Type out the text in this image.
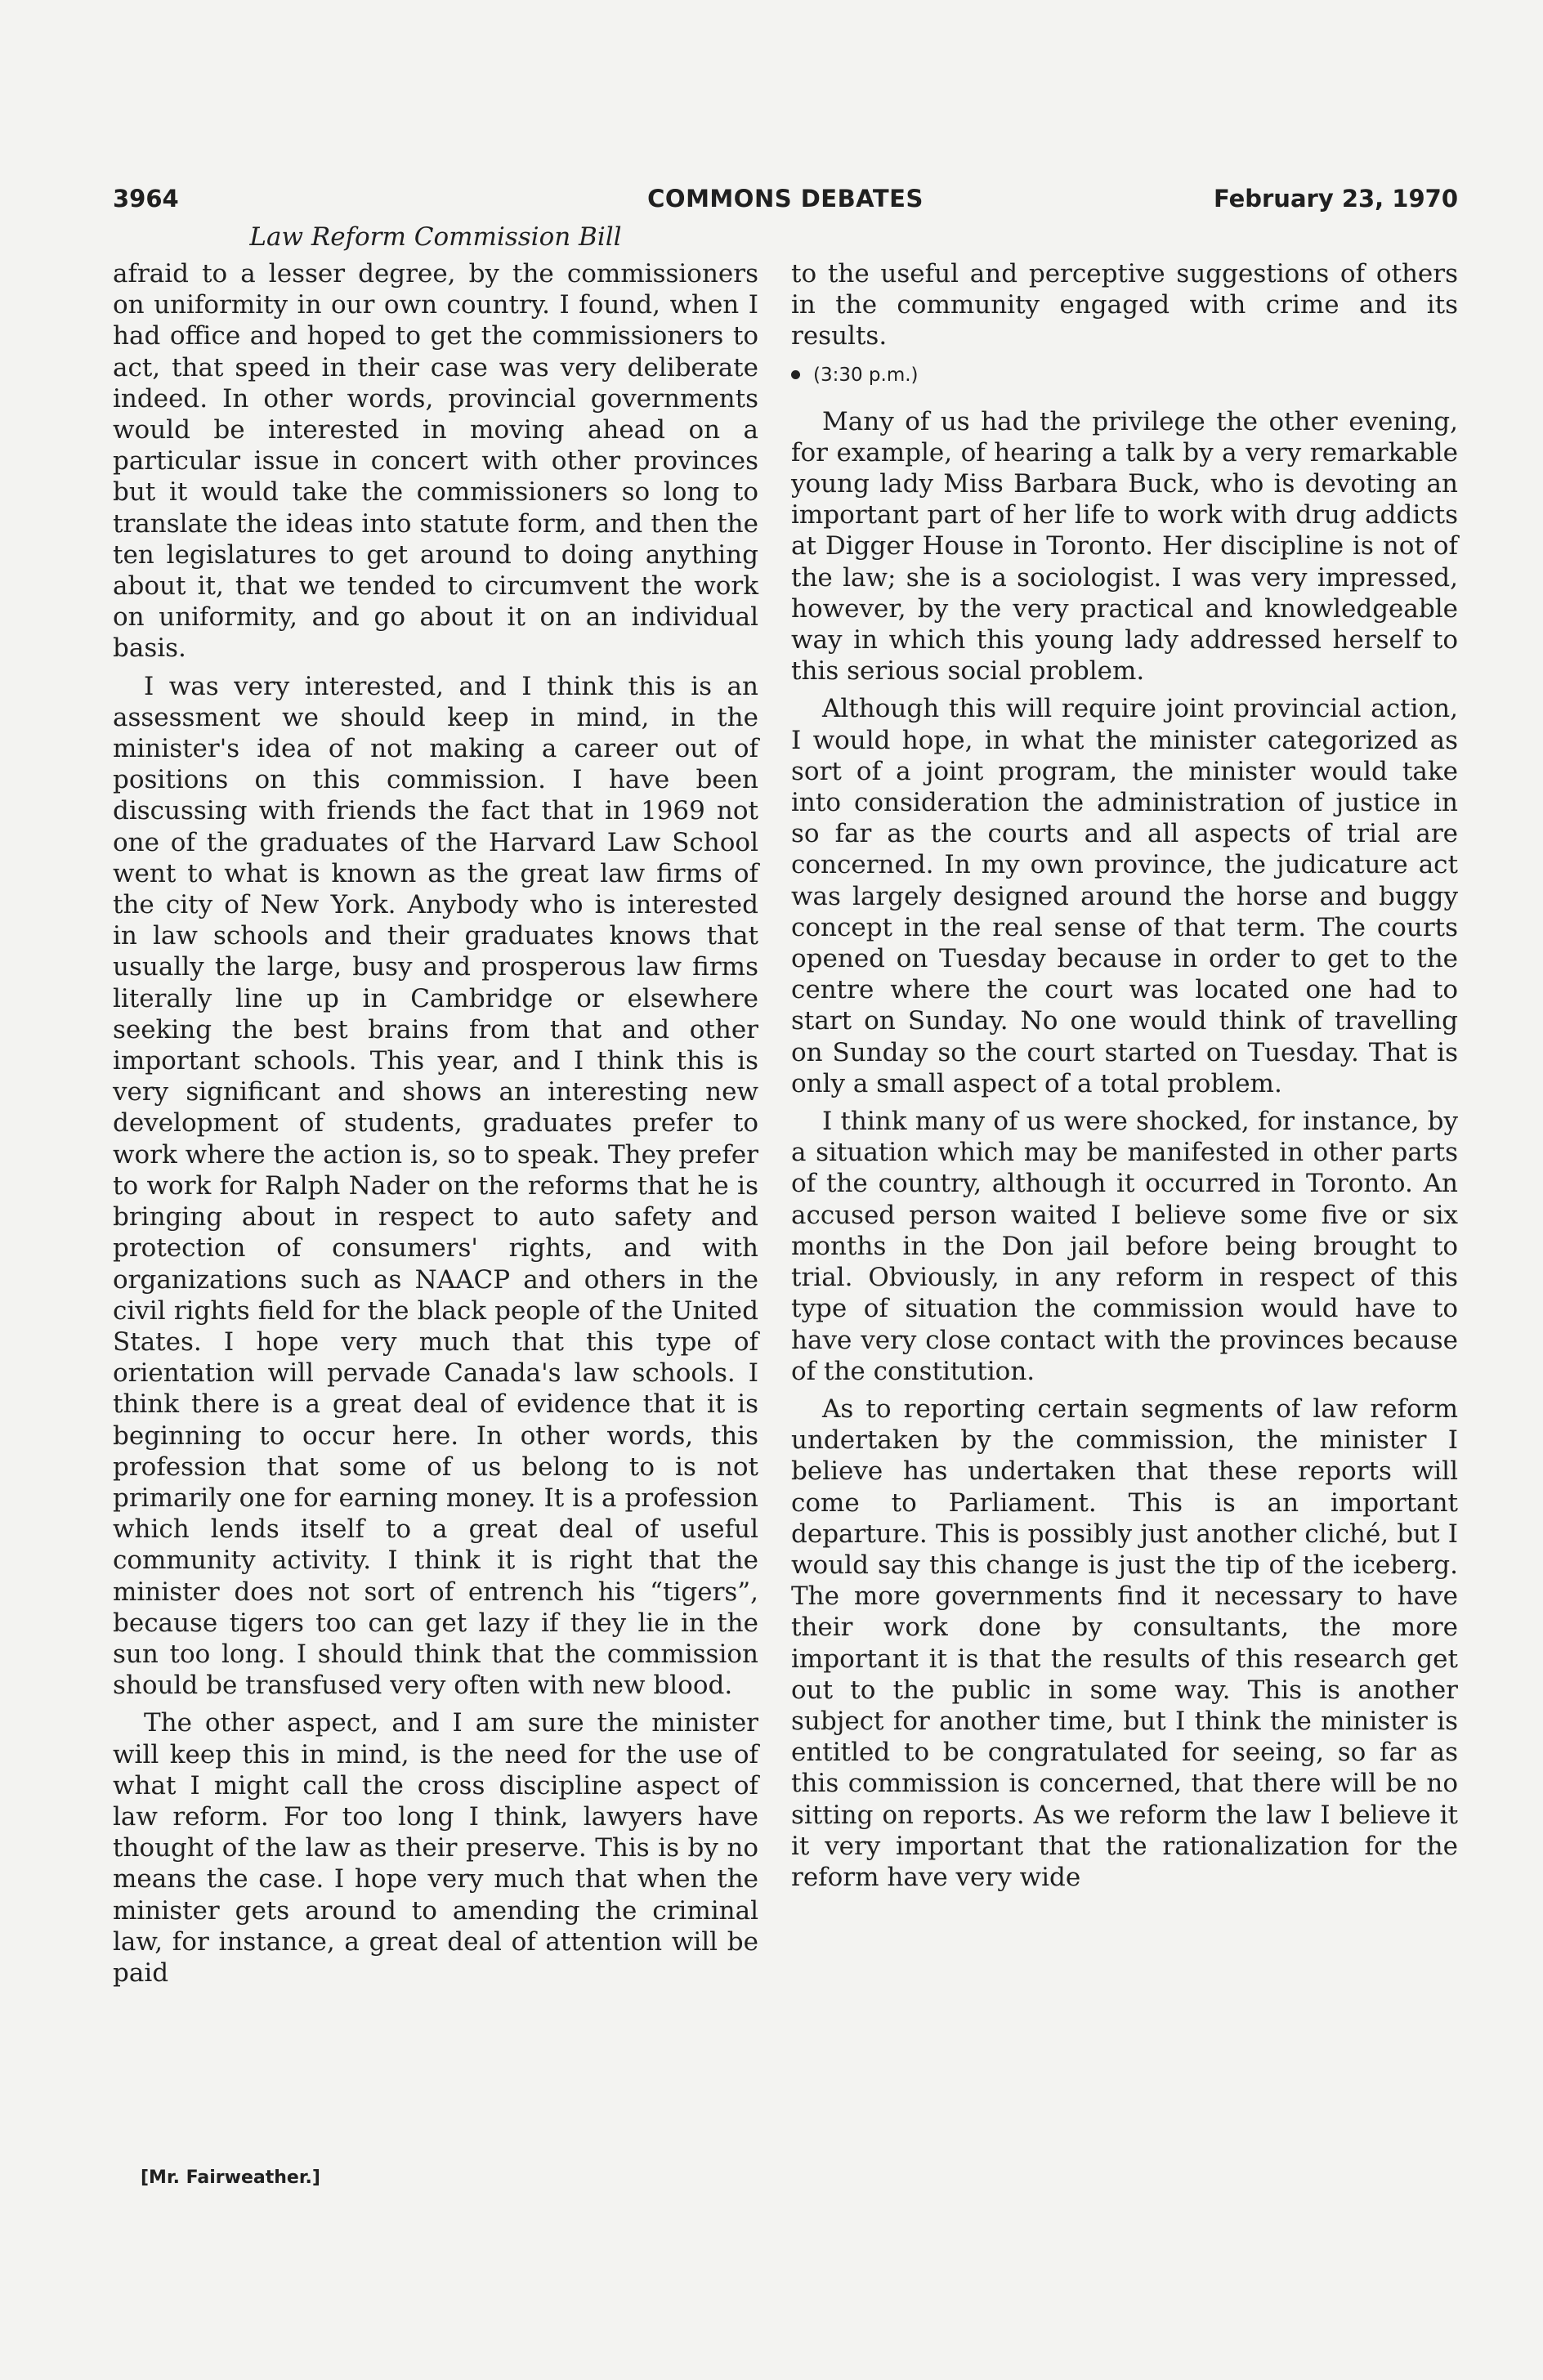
3964	COMMONS DEBATES	February 23, 1970
Law Reform Commission Bill

afraid to a lesser degree, by the commissioners on uniformity in our own country. I found, when I had office and hoped to get the commissioners to act, that speed in their case was very deliberate indeed. In other words, provincial governments would be interested in moving ahead on a particular issue in concert with other provinces but it would take the commissioners so long to translate the ideas into statute form, and then the ten legislatures to get around to doing anything about it, that we tended to circumvent the work on uniformity, and go about it on an individual basis.

I was very interested, and I think this is an assessment we should keep in mind, in the minister's idea of not making a career out of positions on this commission. I have been discussing with friends the fact that in 1969 not one of the graduates of the Harvard Law School went to what is known as the great law firms of the city of New York. Anybody who is interested in law schools and their graduates knows that usually the large, busy and prosperous law firms literally line up in Cambridge or elsewhere seeking the best brains from that and other important schools. This year, and I think this is very significant and shows an interesting new development of students, graduates prefer to work where the action is, so to speak. They prefer to work for Ralph Nader on the reforms that he is bringing about in respect to auto safety and protection of consumers' rights, and with organizations such as NAACP and others in the civil rights field for the black people of the United States. I hope very much that this type of orientation will pervade Canada's law schools. I think there is a great deal of evidence that it is beginning to occur here. In other words, this profession that some of us belong to is not primarily one for earning money. It is a profession which lends itself to a great deal of useful community activity. I think it is right that the minister does not sort of entrench his “tigers”, because tigers too can get lazy if they lie in the sun too long. I should think that the commission should be transfused very often with new blood.

The other aspect, and I am sure the minister will keep this in mind, is the need for the use of what I might call the cross discipline aspect of law reform. For too long I think, lawyers have thought of the law as their preserve. This is by no means the case. I hope very much that when the minister gets around to amending the criminal law, for instance, a great deal of attention will be paid

to the useful and perceptive suggestions of others in the community engaged with crime and its results.

(3:30 p.m.)

Many of us had the privilege the other evening, for example, of hearing a talk by a very remarkable young lady Miss Barbara Buck, who is devoting an important part of her life to work with drug addicts at Digger House in Toronto. Her discipline is not of the law; she is a sociologist. I was very impressed, however, by the very practical and knowledgeable way in which this young lady addressed herself to this serious social problem.

Although this will require joint provincial action, I would hope, in what the minister categorized as sort of a joint program, the minister would take into consideration the administration of justice in so far as the courts and all aspects of trial are concerned. In my own province, the judicature act was largely designed around the horse and buggy concept in the real sense of that term. The courts opened on Tuesday because in order to get to the centre where the court was located one had to start on Sunday. No one would think of travelling on Sunday so the court started on Tuesday. That is only a small aspect of a total problem.

I think many of us were shocked, for instance, by a situation which may be manifested in other parts of the country, although it occurred in Toronto. An accused person waited I believe some five or six months in the Don jail before being brought to trial. Obviously, in any reform in respect of this type of situation the commission would have to have very close contact with the provinces because of the constitution.

As to reporting certain segments of law reform undertaken by the commission, the minister I believe has undertaken that these reports will come to Parliament. This is an important departure. This is possibly just another cliché, but I would say this change is just the tip of the iceberg. The more governments find it necessary to have their work done by consultants, the more important it is that the results of this research get out to the public in some way. This is another subject for another time, but I think the minister is entitled to be congratulated for seeing, so far as this commission is concerned, that there will be no sitting on reports. As we reform the law I believe it it very important that the rationalization for the reform have very wide

[Mr. Fairweather.]
